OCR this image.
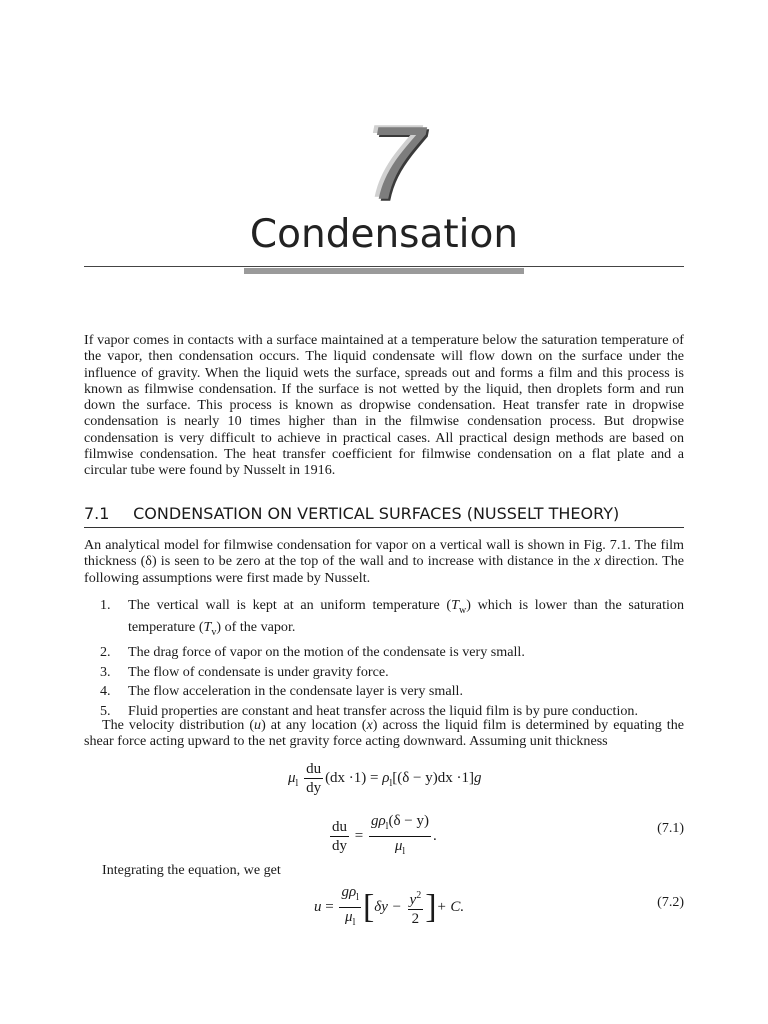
7
Condensation

If vapor comes in contacts with a surface maintained at a temperature below the saturation temperature of the vapor, then condensation occurs. The liquid condensate will flow down on the surface under the influence of gravity. When the liquid wets the surface, spreads out and forms a film and this process is known as filmwise condensation. If the surface is not wetted by the liquid, then droplets form and run down the surface. This process is known as dropwise condensation. Heat transfer rate in dropwise condensation is nearly 10 times higher than in the filmwise condensation process. But dropwise condensation is very difficult to achieve in practical cases. All practical design methods are based on filmwise condensation. The heat transfer coefficient for filmwise condensation on a flat plate and a circular tube were found by Nusselt in 1916.

7.1 CONDENSATION ON VERTICAL SURFACES (NUSSELT THEORY)

An analytical model for filmwise condensation for vapor on a vertical wall is shown in Fig. 7.1. The film thickness (δ) is seen to be zero at the top of the wall and to increase with distance in the x direction. The following assumptions were first made by Nusselt.

1. The vertical wall is kept at an uniform temperature $(T_w)$ which is lower than the saturation temperature $(T_v)$ of the vapor.
2. The drag force of vapor on the motion of the condensate is very small.
3. The flow of condensate is under gravity force.
4. The flow acceleration in the condensate layer is very small.
5. Fluid properties are constant and heat transfer across the liquid film is by pure conduction.

The velocity distribution (u) at any location (x) across the liquid film is determined by equating the shear force acting upward to the net gravity force acting downward. Assuming unit thickness

$\mu_l \frac{du}{dy} (dx \cdot 1) = \rho_l[(\delta - y)dx \cdot 1]g$
$\frac{du}{dy} = \frac{g\rho_l(\delta - y)}{\mu_l}$ .	(7.1)

Integrating the equation, we get

$u = \frac{g\rho_l}{\mu_l} [\delta y - \frac{y^2}{2}$ ]+ C.	(7.2)
